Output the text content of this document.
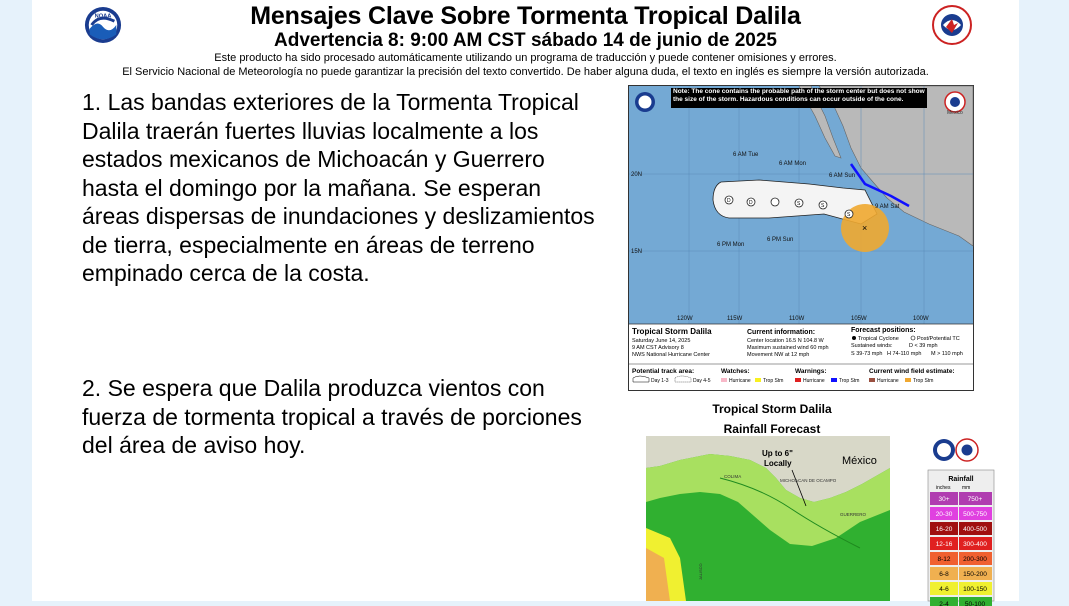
NOAA	Mensajes Clave Sobre Tormenta Tropical Dalila
Advertencia 8: 9:00 AM CST sábado 14 de junio de 2025
Este producto ha sido procesado automáticamente utilizando un programa de traducción y puede contener omisiones y errores.
El Servicio Nacional de Meteorología no puede garantizar la precisión del texto convertido. De haber alguna duda, el texto en inglés es siempre la versión autorizada.
1. Las bandas exteriores de la Tormenta Tropical Dalila traerán fuertes lluvias localmente a los estados mexicanos de Michoacán y Guerrero hasta el domingo por la mañana. Se esperan áreas dispersas de inundaciones y deslizamientos de tierra, especialmente en áreas de terreno empinado cerca de la costa.
2. Se espera que Dalila produzca vientos con fuerza de tormenta tropical a través de porciones del área de aviso hoy.
Note: The cone contains the probable path of the storm center but does not show the size of the storm. Hazardous conditions can occur outside of the cone.
Mexico
D	D	S	S
S
×
6 AM Tue
6 AM Mon
6 AM Sun
9 AM Sat
6 PM Mon
6 PM Sun
20N
15N
120W	115W	110W	105W	100W
Tropical Storm Dalila
Saturday June 14, 2025
9 AM CST Advisory 8
NWS National Hurricane Center
Current information:
Center location 16.5 N 104.8 W
Maximum sustained wind 60 mph
Movement NW at 12 mph
Forecast positions:
Tropical Cyclone	Post/Potential TC
Sustained winds:	D < 39 mph
S 39-73 mph H 74-110 mph M > 110 mph
Potential track area:
Day 1-3	Day 4-5
Watches:
Hurricane Trop Stm
Warnings:
Hurricane	Trop Stm
Current wind field estimate:
Hurricane	Trop Stm
Tropical Storm Dalila
Rainfall Forecast
Up to 6"
Locally	México
COLIMA
MICHOACAN DE OCAMPO
GUERRERO
JALISCO
Rainfall
inches mm
30+	750+
20-30 500-750
16-20 400-500
12-16 300-400
8-12 200-300
6-8 150-200
4-6 100-150
2-4 50-100
